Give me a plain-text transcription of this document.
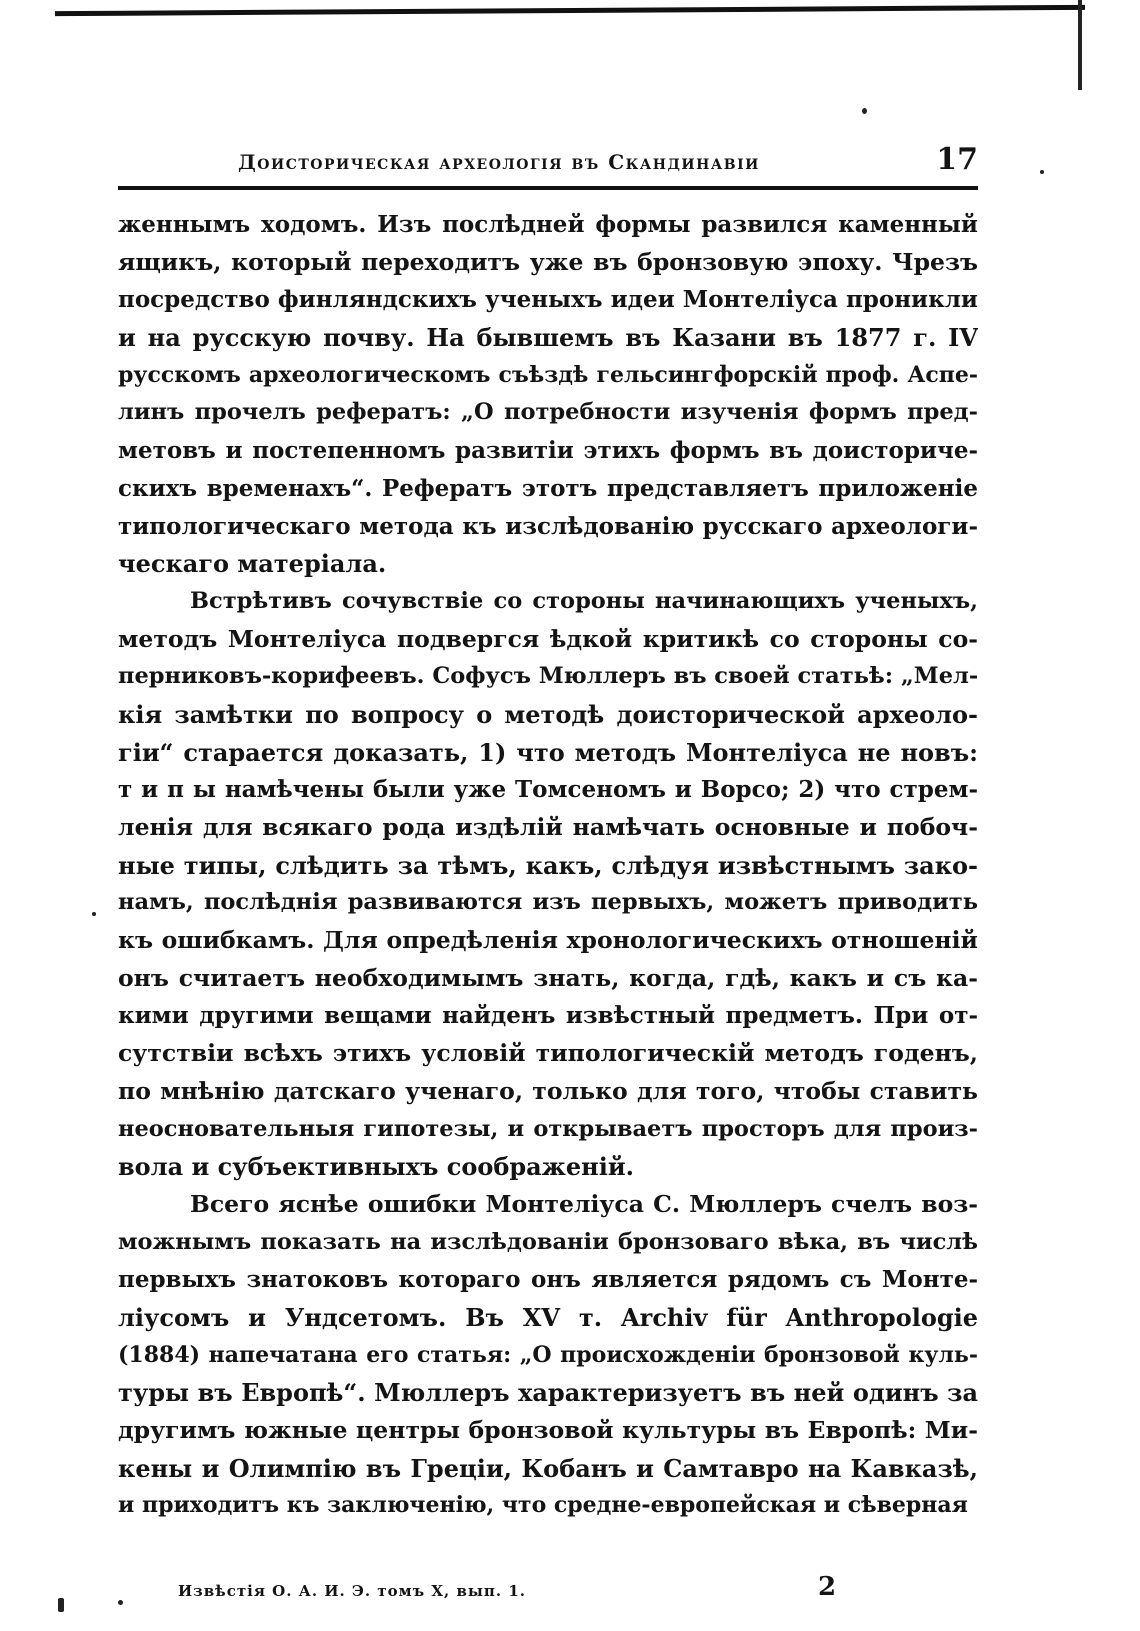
Доисторическая археологія въ Скандинавіи	17
женнымъ ходомъ. Изъ послѣдней формы развился каменный
ящикъ, который переходитъ уже въ бронзовую эпоху. Чрезъ
посредство финляндскихъ ученыхъ идеи Монтеліуса проникли
и на русскую почву. На бывшемъ въ Казани въ 1877 г. IV
русскомъ археологическомъ съѣздѣ гельсингфорскій проф. Аспе-
линъ прочелъ рефератъ: „О потребности изученія формъ пред-
метовъ и постепенномъ развитіи этихъ формъ въ доисториче-
скихъ временахъ“. Рефератъ этотъ представляетъ приложеніе
типологическаго метода къ изслѣдованію русскаго археологи-
ческаго матеріала.
Встрѣтивъ сочувствіе со стороны начинающихъ ученыхъ,
методъ Монтеліуса подвергся ѣдкой критикѣ со стороны со-
перниковъ-корифеевъ. Софусъ Мюллеръ въ своей статьѣ: „Мел-
кія замѣтки по вопросу о методѣ доисторической археоло-
гіи“ старается доказать, 1) что методъ Монтеліуса не новъ:
т и п ы намѣчены были уже Томсеномъ и Ворсо; 2) что стрем-
ленія для всякаго рода издѣлій намѣчать основные и побоч-
ные типы, слѣдить за тѣмъ, какъ, слѣдуя извѣстнымъ зако-
намъ, послѣднія развиваются изъ первыхъ, можетъ приводить
къ ошибкамъ. Для опредѣленія хронологическихъ отношеній
онъ считаетъ необходимымъ знать, когда, гдѣ, какъ и съ ка-
кими другими вещами найденъ извѣстный предметъ. При от-
сутствіи всѣхъ этихъ условій типологическій методъ годенъ,
по мнѣнію датскаго ученаго, только для того, чтобы ставить
неосновательныя гипотезы, и открываетъ просторъ для произ-
вола и субъективныхъ соображеній.
Всего яснѣе ошибки Монтеліуса С. Мюллеръ счелъ воз-
можнымъ показать на изслѣдованіи бронзоваго вѣка, въ числѣ
первыхъ знатоковъ котораго онъ является рядомъ съ Монте-
ліусомъ и Ундсетомъ. Въ XV т. Archiv für Anthropologie
(1884) напечатана его статья: „О происхожденіи бронзовой куль-
туры въ Европѣ“. Мюллеръ характеризуетъ въ ней одинъ за
другимъ южные центры бронзовой культуры въ Европѣ: Ми-
кены и Олимпію въ Греціи, Кобанъ и Самтаврo на Кавказѣ,
и приходитъ къ заключенію, что средне-европейская и сѣверная
Извѣстія О. А. И. Э. томъ X, вып. 1.	2
